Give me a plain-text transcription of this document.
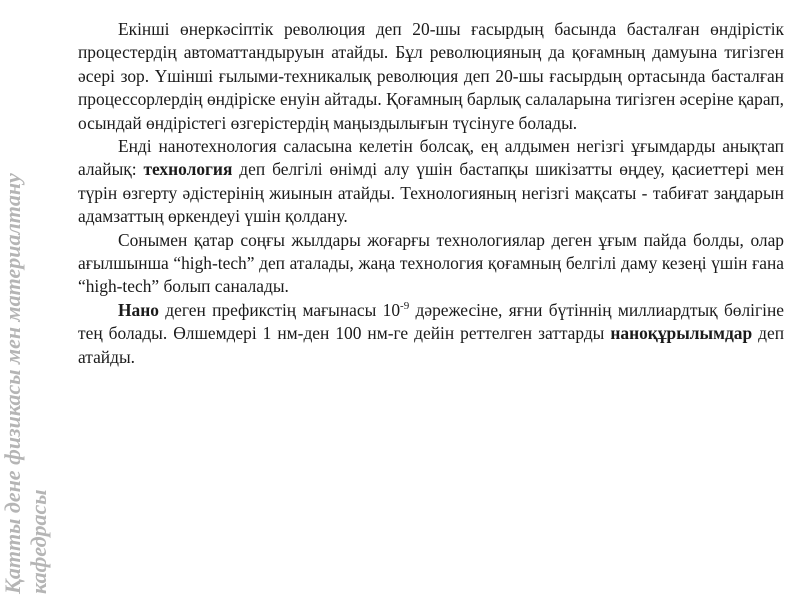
Қатты дене физикасы мен материалтану кафедрасы

Екінші өнеркәсіптік революция деп 20-шы ғасырдың басында басталған өндірістік процестердің автоматтандыруын атайды. Бұл революцияның да қоғамның дамуына тигізген әсері зор. Үшінші ғылыми-техникалық революция деп 20-шы ғасырдың ортасында басталған процессорлердің өндіріске енуін айтады. Қоғамның барлық салаларына тигізген әсеріне қарап, осындай өндірістегі өзгерістердің маңыздылығын түсінуге болады.

Енді нанотехнология саласына келетін болсақ, ең алдымен негізгі ұғымдарды анықтап алайық: технология деп белгілі өнімді алу үшін бастапқы шикізатты өңдеу, қасиеттері мен түрін өзгерту әдістерінің жиынын атайды. Технологияның негізгі мақсаты - табиғат заңдарын адамзаттың өркендеуі үшін қолдану.

Сонымен қатар соңғы жылдары жоғарғы технологиялар деген ұғым пайда болды, олар ағылшынша “high-tech” деп аталады, жаңа технология қоғамның белгілі даму кезеңі үшін ғана “high-tech” болып саналады.

Нано деген префикстің мағынасы $10^{-9}$ дәрежесіне, яғни бүтіннің миллиардтық бөлігіне тең болады. Өлшемдері 1 нм-ден 100 нм-ге дейін реттелген заттарды наноқұрылымдар деп атайды.
